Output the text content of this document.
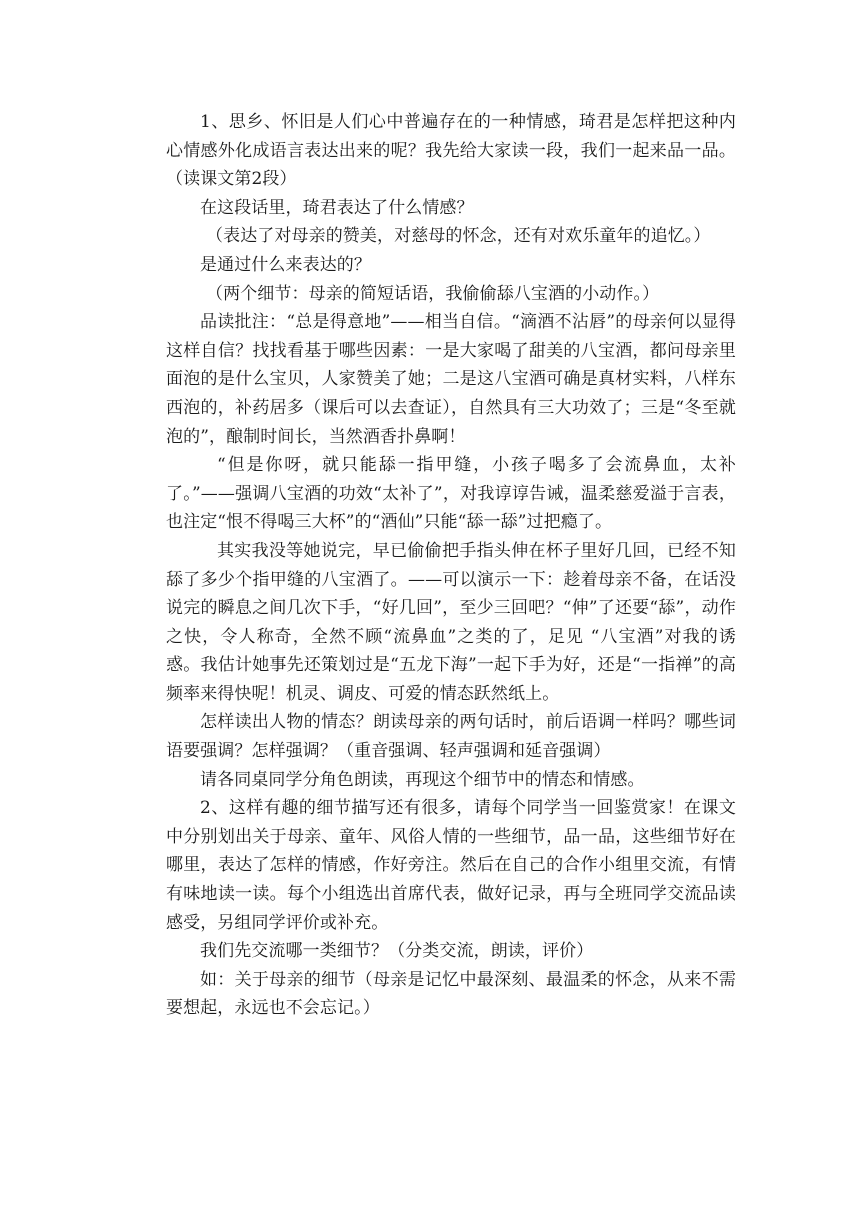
1、思乡、怀旧是人们心中普遍存在的一种情感，琦君是怎样把这种内心情感外化成语言表达出来的呢？我先给大家读一段，我们一起来品一品。（读课文第2段）

在这段话里，琦君表达了什么情感？

（表达了对母亲的赞美，对慈母的怀念，还有对欢乐童年的追忆。）

是通过什么来表达的？

（两个细节：母亲的简短话语，我偷偷舔八宝酒的小动作。）

品读批注：“总是得意地”——相当自信。“滴酒不沾唇”的母亲何以显得这样自信？找找看基于哪些因素：一是大家喝了甜美的八宝酒，都问母亲里面泡的是什么宝贝，人家赞美了她；二是这八宝酒可确是真材实料，八样东西泡的，补药居多（课后可以去查证），自然具有三大功效了；三是“冬至就泡的”，酿制时间长，当然酒香扑鼻啊！

“但是你呀，就只能舔一指甲缝，小孩子喝多了会流鼻血，太补了。”——强调八宝酒的功效“太补了”，对我谆谆告诫，温柔慈爱溢于言表，也注定“恨不得喝三大杯”的“酒仙”只能“舔一舔”过把瘾了。

其实我没等她说完，早已偷偷把手指头伸在杯子里好几回，已经不知舔了多少个指甲缝的八宝酒了。——可以演示一下：趁着母亲不备，在话没说完的瞬息之间几次下手，“好几回”，至少三回吧？“伸”了还要“舔”，动作之快，令人称奇，全然不顾“流鼻血”之类的了，足见 “八宝酒”对我的诱惑。我估计她事先还策划过是“五龙下海”一起下手为好，还是“一指禅”的高频率来得快呢！机灵、调皮、可爱的情态跃然纸上。

怎样读出人物的情态？朗读母亲的两句话时，前后语调一样吗？哪些词语要强调？怎样强调？（重音强调、轻声强调和延音强调）

请各同桌同学分角色朗读，再现这个细节中的情态和情感。

2、这样有趣的细节描写还有很多，请每个同学当一回鉴赏家！在课文中分别划出关于母亲、童年、风俗人情的一些细节，品一品，这些细节好在哪里，表达了怎样的情感，作好旁注。然后在自己的合作小组里交流，有情有味地读一读。每个小组选出首席代表，做好记录，再与全班同学交流品读感受，另组同学评价或补充。

我们先交流哪一类细节？（分类交流，朗读，评价）

如：关于母亲的细节（母亲是记忆中最深刻、最温柔的怀念，从来不需要想起，永远也不会忘记。）
